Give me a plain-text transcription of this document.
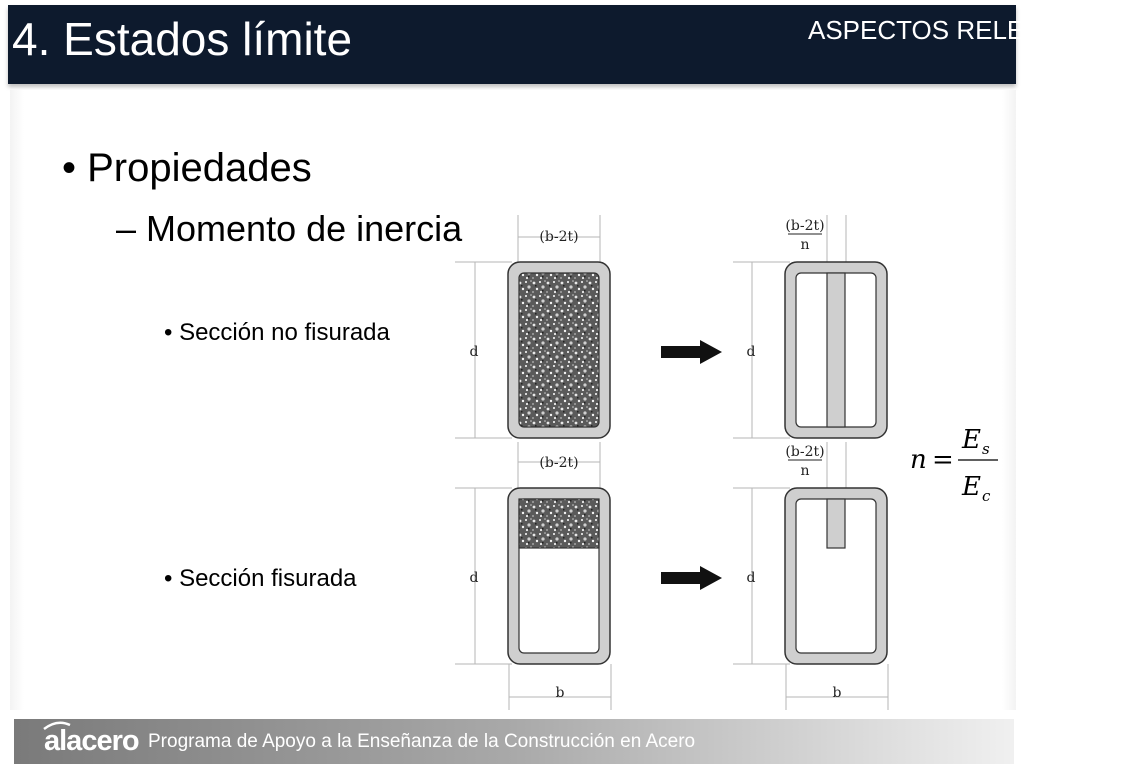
4. Estados límite	ASPECTOS RELEVANTES
• Propiedades
– Momento de inercia
• Sección no fisurada
• Sección fisurada
(b-2t)
(b-2t)
(b-2t)
n
(b-2t)
n
d	d
d	d
b	b
n =
E s
E c
alacero Programa de Apoyo a la Enseñanza de la Construcción en Acero
